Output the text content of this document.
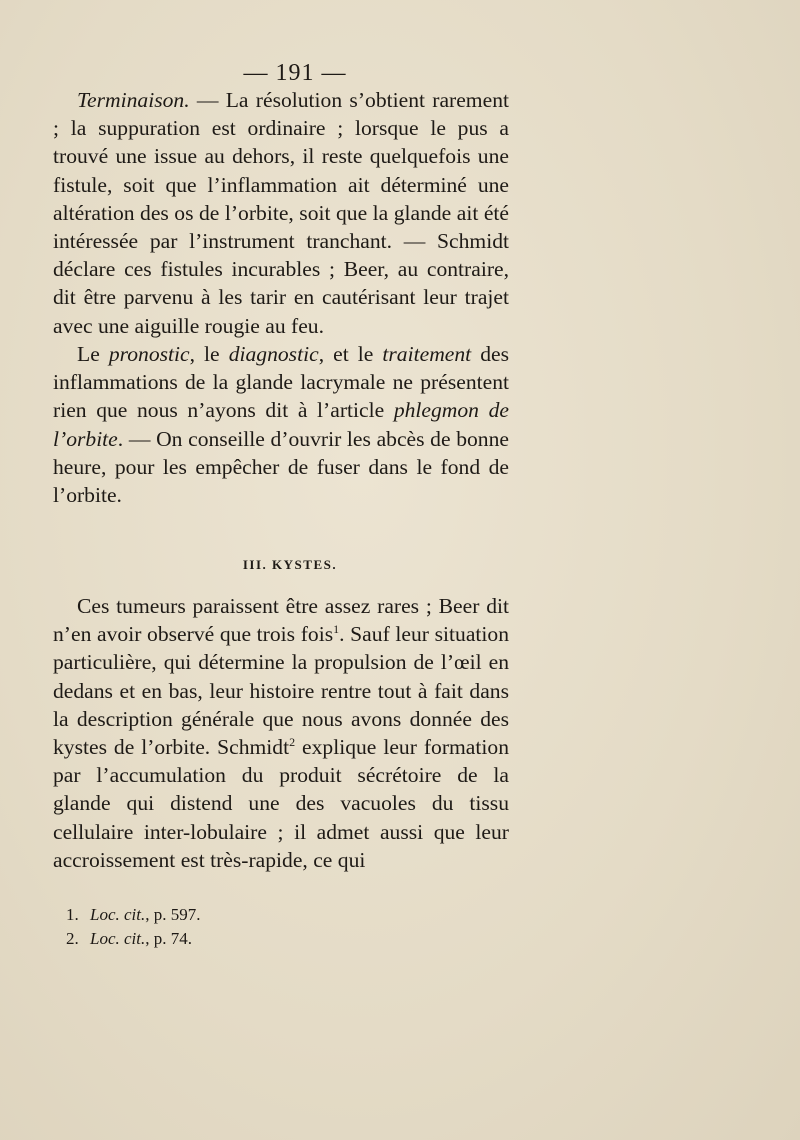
— 191 —
Terminaison. — La résolution s’obtient rarement ; la suppuration est ordinaire ; lorsque le pus a trouvé une issue au dehors, il reste quelquefois une fistule, soit que l’inflammation ait déterminé une altération des os de l’orbite, soit que la glande ait été intéressée par l’instrument tranchant. — Schmidt déclare ces fistules incurables ; Beer, au contraire, dit être parvenu à les tarir en cautérisant leur trajet avec une aiguille rougie au feu.
Le pronostic, le diagnostic, et le traitement des inflammations de la glande lacrymale ne présentent rien que nous n’ayons dit à l’article phlegmon de l’orbite. — On conseille d’ouvrir les abcès de bonne heure, pour les empêcher de fuser dans le fond de l’orbite.
III. KYSTES.
Ces tumeurs paraissent être assez rares ; Beer dit n’en avoir observé que trois fois$^1$. Sauf leur situation particulière, qui détermine la propulsion de l’œil en dedans et en bas, leur histoire rentre tout à fait dans la description générale que nous avons donnée des kystes de l’orbite. Schmidt$^2$ explique leur formation par l’accumulation du produit sécrétoire de la glande qui distend une des vacuoles du tissu cellulaire inter-lobulaire ; il admet aussi que leur accroissement est très-rapide, ce qui
1. Loc. cit., p. 597.
2. Loc. cit., p. 74.
